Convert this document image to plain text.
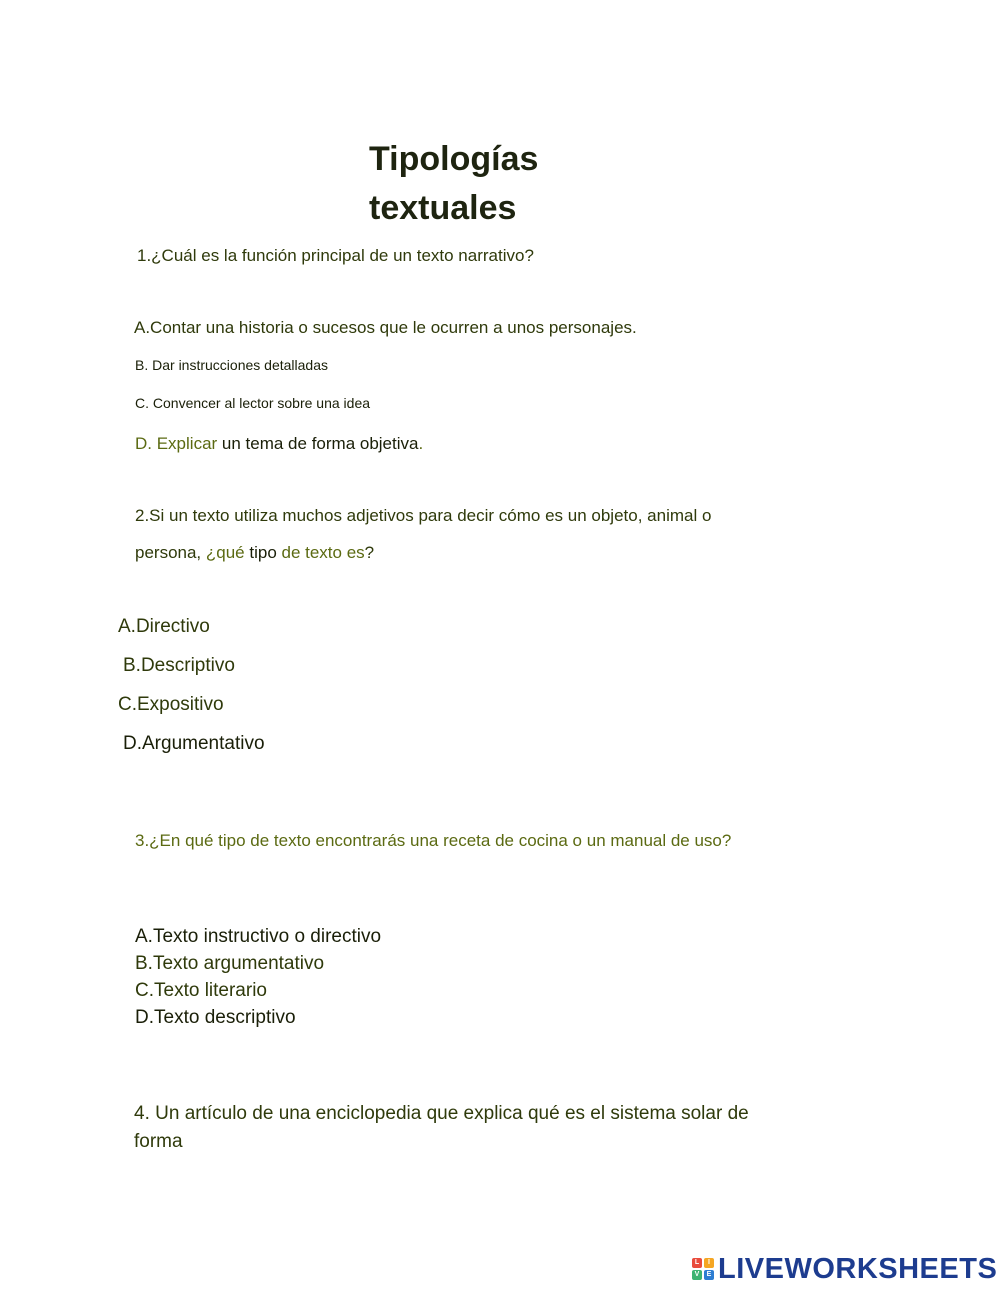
Tipologías
textuales

1.¿Cuál es la función principal de un texto narrativo?

A.Contar una historia o sucesos que le ocurren a unos personajes.

B. Dar instrucciones detalladas

C. Convencer al lector sobre una idea

D. Explicar un tema de forma objetiva.

2.Si un texto utiliza muchos adjetivos para decir cómo es un objeto, animal o

persona, ¿qué tipo de texto es?

A.Directivo

B.Descriptivo

C.Expositivo

D.Argumentativo

3.¿En qué tipo de texto encontrarás una receta de cocina o un manual de uso?

A.Texto instructivo o directivo

B.Texto argumentativo

C.Texto literario

D.Texto descriptivo

4. Un artículo de una enciclopedia que explica qué es el sistema solar de

forma

L	I
V	E LIVEWORKSHEETS
